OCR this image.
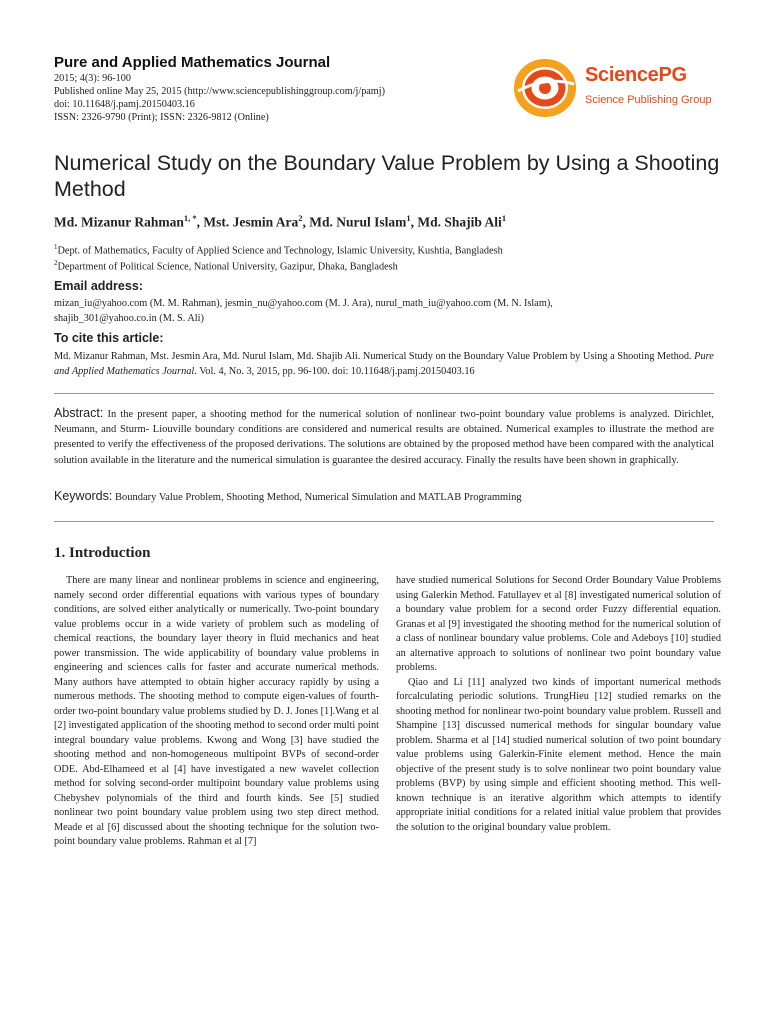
Pure and Applied Mathematics Journal
2015; 4(3): 96-100
Published online May 25, 2015 (http://www.sciencepublishinggroup.com/j/pamj)
doi: 10.11648/j.pamj.20150403.16
ISSN: 2326-9790 (Print); ISSN: 2326-9812 (Online)
SciencePG
Science Publishing Group
Numerical Study on the Boundary Value Problem by Using a Shooting Method
Md. Mizanur Rahman$^{1, *}$, Mst. Jesmin Ara$^2$, Md. Nurul Islam$^1$, Md. Shajib Ali$^1$
$^1$Dept. of Mathematics, Faculty of Applied Science and Technology, Islamic University, Kushtia, Bangladesh
$^2$Department of Political Science, National University, Gazipur, Dhaka, Bangladesh
Email address:
mizan_iu@yahoo.com (M. M. Rahman), jesmin_nu@yahoo.com (M. J. Ara), nurul_math_iu@yahoo.com (M. N. Islam),
shajib_301@yahoo.co.in (M. S. Ali)
To cite this article:
Md. Mizanur Rahman, Mst. Jesmin Ara, Md. Nurul Islam, Md. Shajib Ali. Numerical Study on the Boundary Value Problem by Using a Shooting Method. Pure and Applied Mathematics Journal. Vol. 4, No. 3, 2015, pp. 96-100. doi: 10.11648/j.pamj.20150403.16
Abstract: In the present paper, a shooting method for the numerical solution of nonlinear two-point boundary value problems is analyzed. Dirichlet, Neumann, and Sturm- Liouville boundary conditions are considered and numerical results are obtained. Numerical examples to illustrate the method are presented to verify the effectiveness of the proposed derivations. The solutions are obtained by the proposed method have been compared with the analytical solution available in the literature and the numerical simulation is guarantee the desired accuracy. Finally the results have been shown in graphically.
Keywords: Boundary Value Problem, Shooting Method, Numerical Simulation and MATLAB Programming
1. Introduction

There are many linear and nonlinear problems in science and engineering, namely second order differential equations with various types of boundary conditions, are solved either analytically or numerically. Two-point boundary value problems occur in a wide variety of problem such as modeling of chemical reactions, the boundary layer theory in fluid mechanics and heat power transmission. The wide applicability of boundary value problems in engineering and sciences calls for faster and accurate numerical methods. Many authors have attempted to obtain higher accuracy rapidly by using a numerous methods. The shooting method to compute eigen-values of fourth-order two-point boundary value problems studied by D. J. Jones [1].Wang et al [2] investigated application of the shooting method to second order multi point integral boundary value problems. Kwong and Wong [3] have studied the shooting method and non-homogeneous multipoint BVPs of second-order ODE. Abd-Elhameed et al [4] have investigated a new wavelet collection method for solving second-order multipoint boundary value problems using Chebyshev polynomials of the third and fourth kinds. See [5] studied nonlinear two point boundary value problem using two step direct method. Meade et al [6] discussed about the shooting technique for the solution two- point boundary value problems. Rahman et al [7]

have studied numerical Solutions for Second Order Boundary Value Problems using Galerkin Method. Fatullayev et al [8] investigated numerical solution of a boundary value problem for a second order Fuzzy differential equation. Granas et al [9] investigated the shooting method for the numerical solution of a class of nonlinear boundary value problems. Cole and Adeboys [10] studied an alternative approach to solutions of nonlinear two point boundary value problems.

Qiao and Li [11] analyzed two kinds of important numerical methods forcalculating periodic solutions. TrungHieu [12] studied remarks on the shooting method for nonlinear two-point boundary value problem. Russell and Shampine [13] discussed numerical methods for singular boundary value problem. Sharma et al [14] studied numerical solution of two point boundary value problems using Galerkin-Finite element method. Hence the main objective of the present study is to solve nonlinear two point boundary value problems (BVP) by using simple and efficient shooting method. This well-known technique is an iterative algorithm which attempts to identify appropriate initial conditions for a related initial value problem that provides the solution to the original boundary value problem.
